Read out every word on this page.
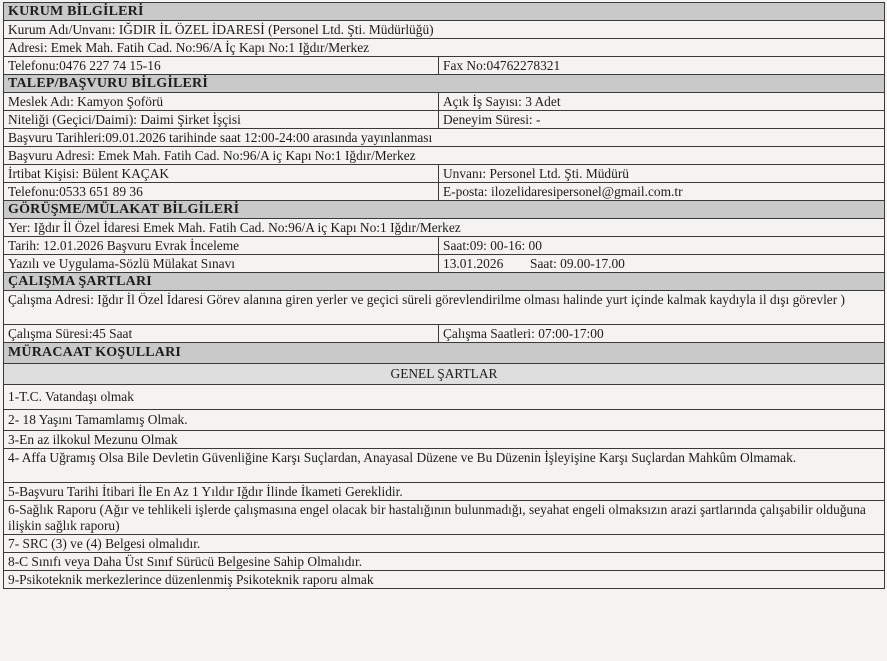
KURUM BİLGİLERİ	
Kurum Adı/Unvanı: IĞDIR İL ÖZEL İDARESİ (Personel Ltd. Şti. Müdürlüğü)	
Adresi: Emek Mah. Fatih Cad. No:96/A İç Kapı No:1 Iğdır/Merkez	
Telefonu:0476 227 74 15-16	Fax No:04762278321
TALEP/BAŞVURU BİLGİLERİ	
Meslek Adı: Kamyon Şoförü	Açık İş Sayısı: 3 Adet
Niteliği (Geçici/Daimi): Daimi Şirket İşçisi	Deneyim Süresi: -
Başvuru Tarihleri:09.01.2026 tarihinde saat 12:00-24:00 arasında yayınlanması	
Başvuru Adresi: Emek Mah. Fatih Cad. No:96/A iç Kapı No:1 Iğdır/Merkez	
İrtibat Kişisi: Bülent KAÇAK	Unvanı: Personel Ltd. Şti. Müdürü
Telefonu:0533 651 89 36	E-posta: ilozelidaresipersonel@gmail.com.tr
GÖRÜŞME/MÜLAKAT BİLGİLERİ	
Yer: Iğdır İl Özel İdaresi Emek Mah. Fatih Cad. No:96/A iç Kapı No:1 Iğdır/Merkez	
Tarih: 12.01.2026 Başvuru Evrak İnceleme	Saat:09: 00-16: 00
Yazılı ve Uygulama-Sözlü Mülakat Sınavı	13.01.2026        Saat: 09.00-17.00
ÇALIŞMA ŞARTLARI	
Çalışma Adresi: Iğdır İl Özel İdaresi Görev alanına giren yerler ve geçici süreli görevlendirilme olması halinde yurt içinde kalmak kaydıyla il dışı görevler )	
Çalışma Süresi:45 Saat	Çalışma Saatleri: 07:00-17:00
MÜRACAAT KOŞULLARI	
GENEL ŞARTLAR	
1-T.C. Vatandaşı olmak	
2- 18 Yaşını Tamamlamış Olmak.	
3-En az ilkokul Mezunu Olmak	
4- Affa Uğramış Olsa Bile Devletin Güvenliğine Karşı Suçlardan, Anayasal Düzene ve Bu Düzenin İşleyişine Karşı Suçlardan Mahkûm Olmamak.	
5-Başvuru Tarihi İtibari İle En Az 1 Yıldır Iğdır İlinde İkameti Gereklidir.	
6-Sağlık Raporu (Ağır ve tehlikeli işlerde çalışmasına engel olacak bir hastalığının bulunmadığı, seyahat engeli olmaksızın arazi şartlarında çalışabilir olduğuna ilişkin sağlık raporu)	
7- SRC (3) ve (4) Belgesi olmalıdır.	
8-C Sınıfı veya Daha Üst Sınıf Sürücü Belgesine Sahip Olmalıdır.	
9-Psikoteknik merkezlerince düzenlenmiş Psikoteknik raporu almak	
